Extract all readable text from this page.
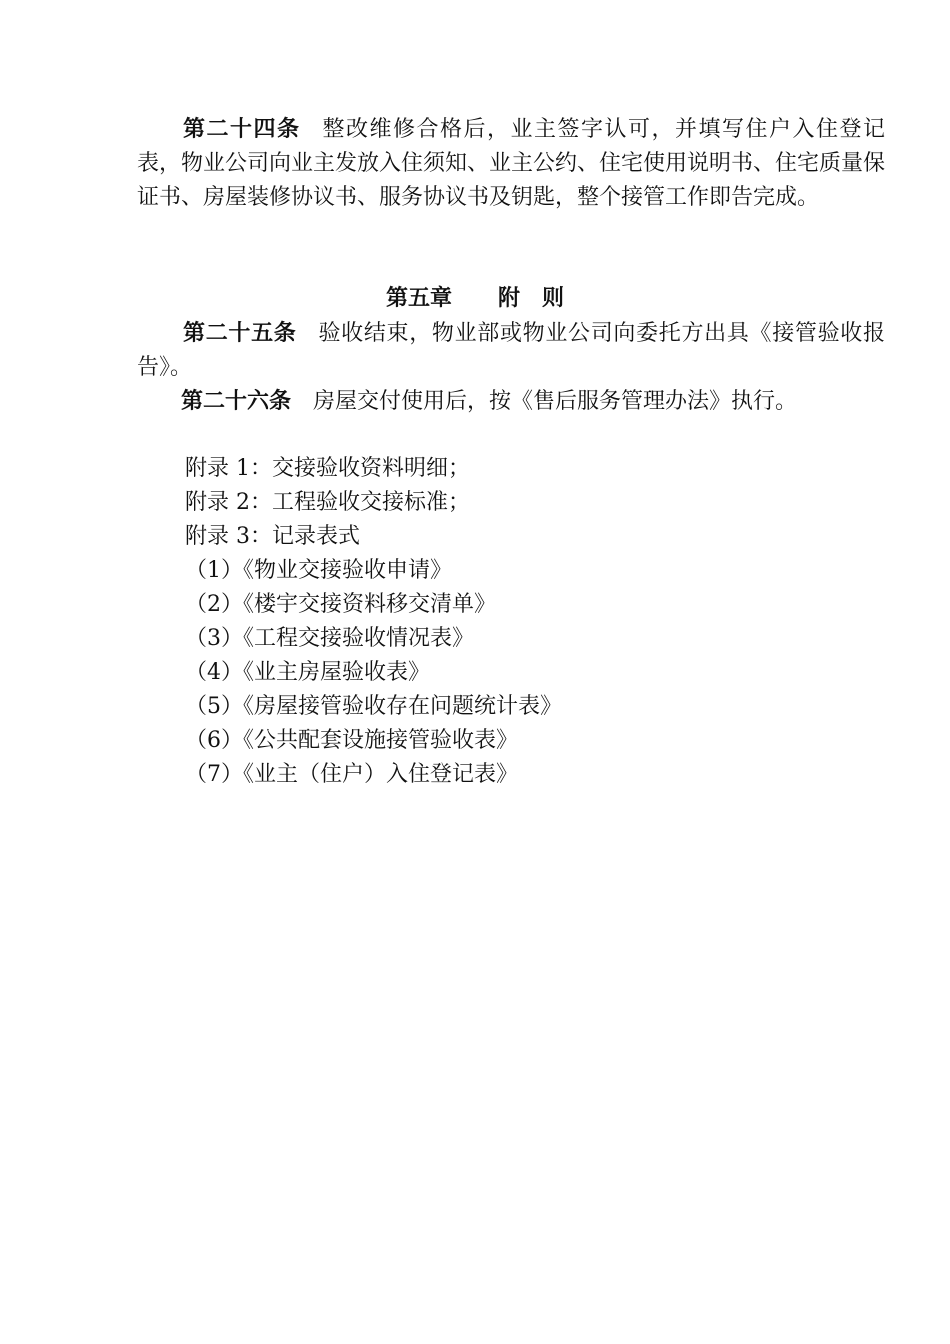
第二十四条 整改维修合格后，业主签字认可，并填写住户入住登记表，物业公司向业主发放入住须知、业主公约、住宅使用说明书、住宅质量保证书、房屋装修协议书、服务协议书及钥匙，整个接管工作即告完成。
第五章 附　则
第二十五条 验收结束，物业部或物业公司向委托方出具《接管验收报告》。
第二十六条 房屋交付使用后，按《售后服务管理办法》执行。
附录 1：交接验收资料明细；
附录 2：工程验收交接标准；
附录 3：记录表式
（1）《物业交接验收申请》
（2）《楼宇交接资料移交清单》
（3）《工程交接验收情况表》
（4）《业主房屋验收表》
（5）《房屋接管验收存在问题统计表》
（6）《公共配套设施接管验收表》
（7）《业主（住户）入住登记表》
